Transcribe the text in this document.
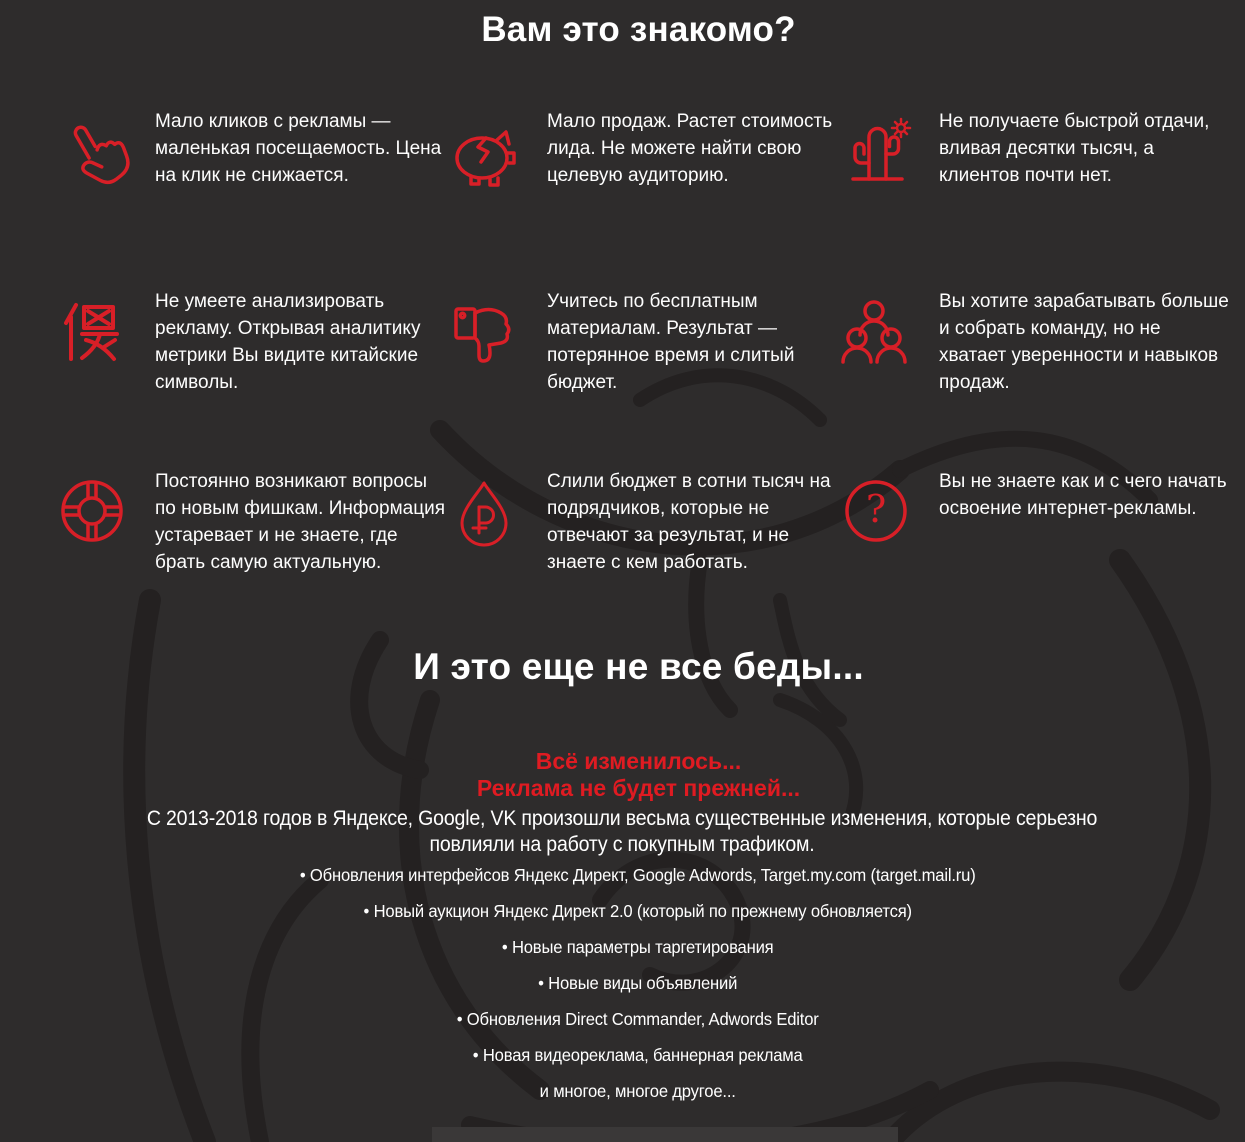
Вам это знакомо?
Мало кликов с рекламы — маленькая посещаемость. Цена на клик не снижается.
Мало продаж. Растет стоимость лида. Не можете найти свою целевую аудиторию.
Не получаете быстрой отдачи, вливая десятки тысяч, а клиентов почти нет.
Не умеете анализировать рекламу. Открывая аналитику метрики Вы видите китайские символы.
Учитесь по бесплатным материалам. Результат — потерянное время и слитый бюджет.
Вы хотите зарабатывать больше и собрать команду, но не хватает уверенности и навыков продаж.
Постоянно возникают вопросы по новым фишкам. Информация устаревает и не знаете, где брать самую актуальную.
Слили бюджет в сотни тысяч на подрядчиков, которые не отвечают за результат, и не знаете с кем работать.
?
Вы не знаете как и с чего начать освоение интернет-рекламы.
И это еще не все беды...
Всё изменилось...
Реклама не будет прежней...

С 2013-2018 годов в Яндексе, Google, VK произошли весьма существенные изменения, которые серьезно повлияли на работу с покупным трафиком.

• Обновления интерфейсов Яндекс Директ, Google Adwords, Target.my.com (target.mail.ru)
• Новый аукцион Яндекс Директ 2.0 (который по прежнему обновляется)
• Новые параметры таргетирования
• Новые виды объявлений
• Обновления Direct Commander, Adwords Editor
• Новая видеореклама, баннерная реклама
и многое, многое другое...
